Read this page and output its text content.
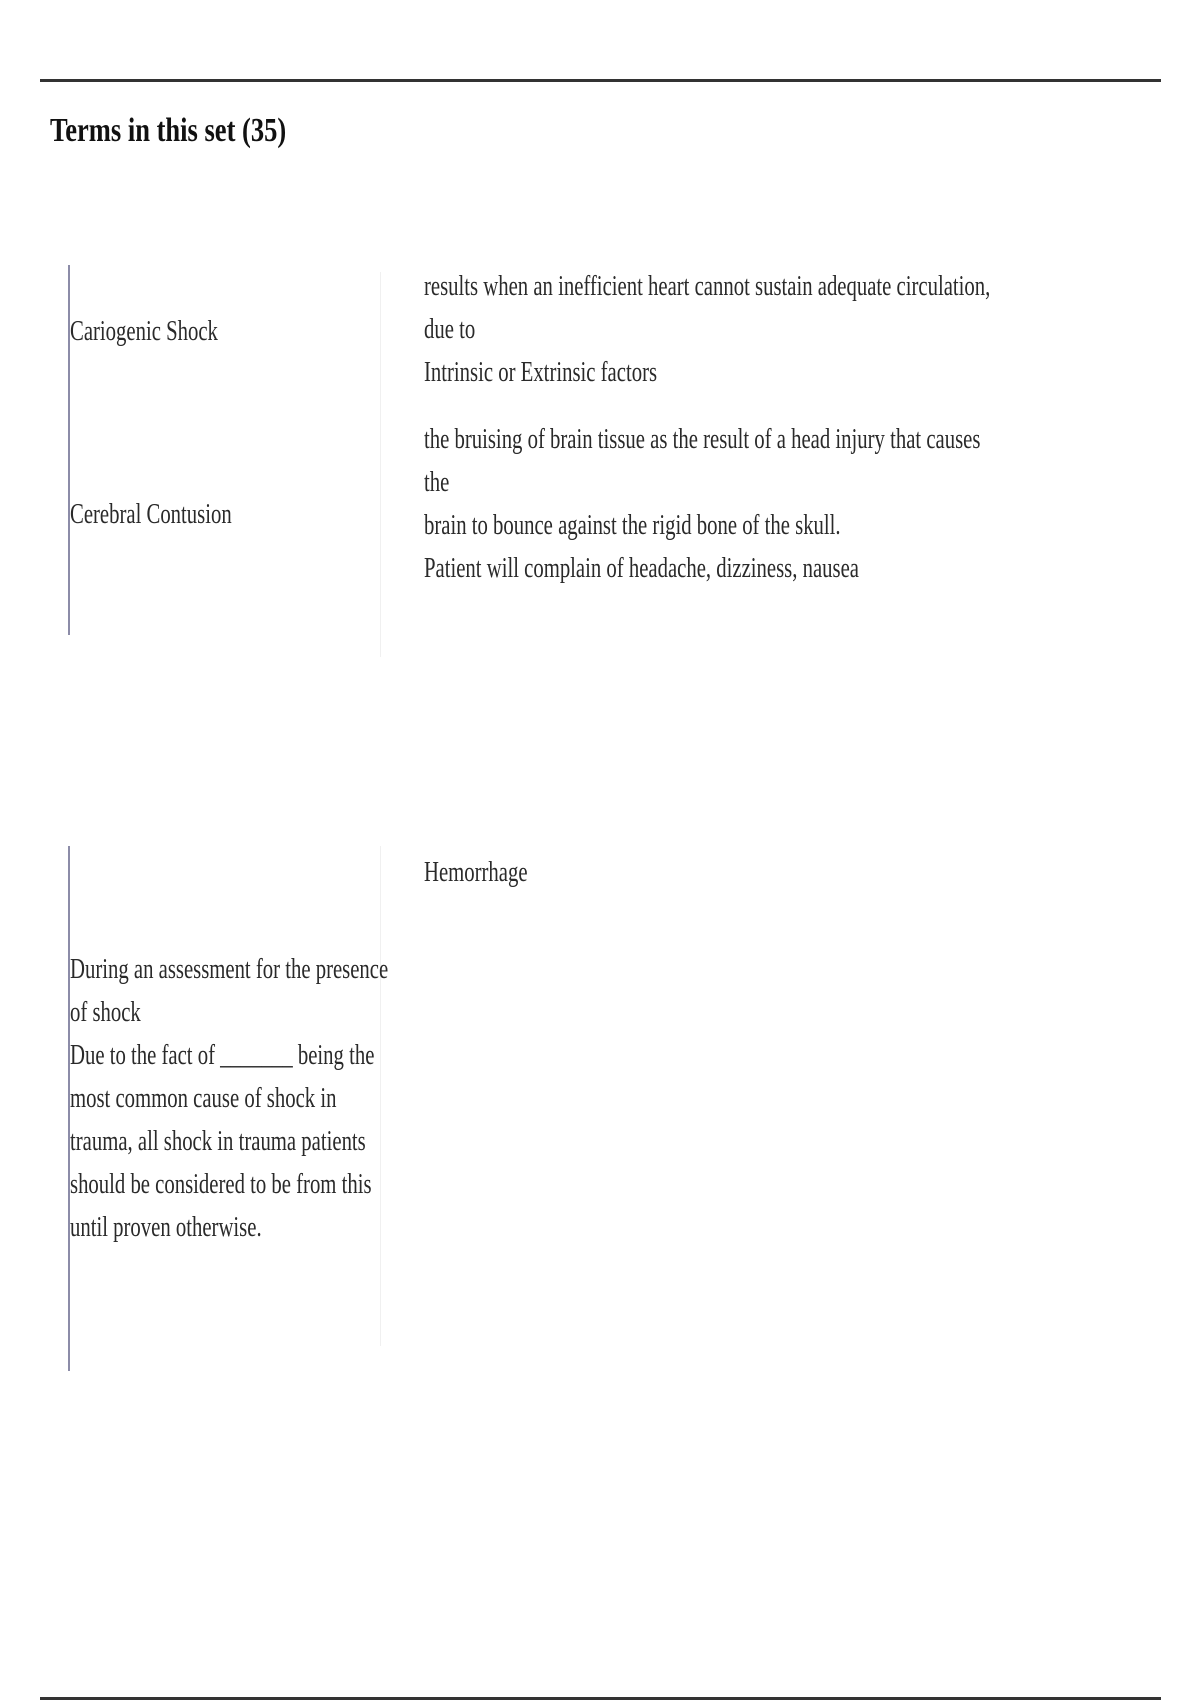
Terms in this set (35)

Cariogenic Shock

results when an inefficient heart cannot sustain adequate circulation, due to
Intrinsic or Extrinsic factors

Cerebral Contusion

the bruising of brain tissue as the result of a head injury that causes the
brain to bounce against the rigid bone of the skull.
Patient will complain of headache, dizziness, nausea

During an assessment for the presence
of shock
Due to the fact of _______ being the
most common cause of shock in
trauma, all shock in trauma patients
should be considered to be from this
until proven otherwise.

Hemorrhage
